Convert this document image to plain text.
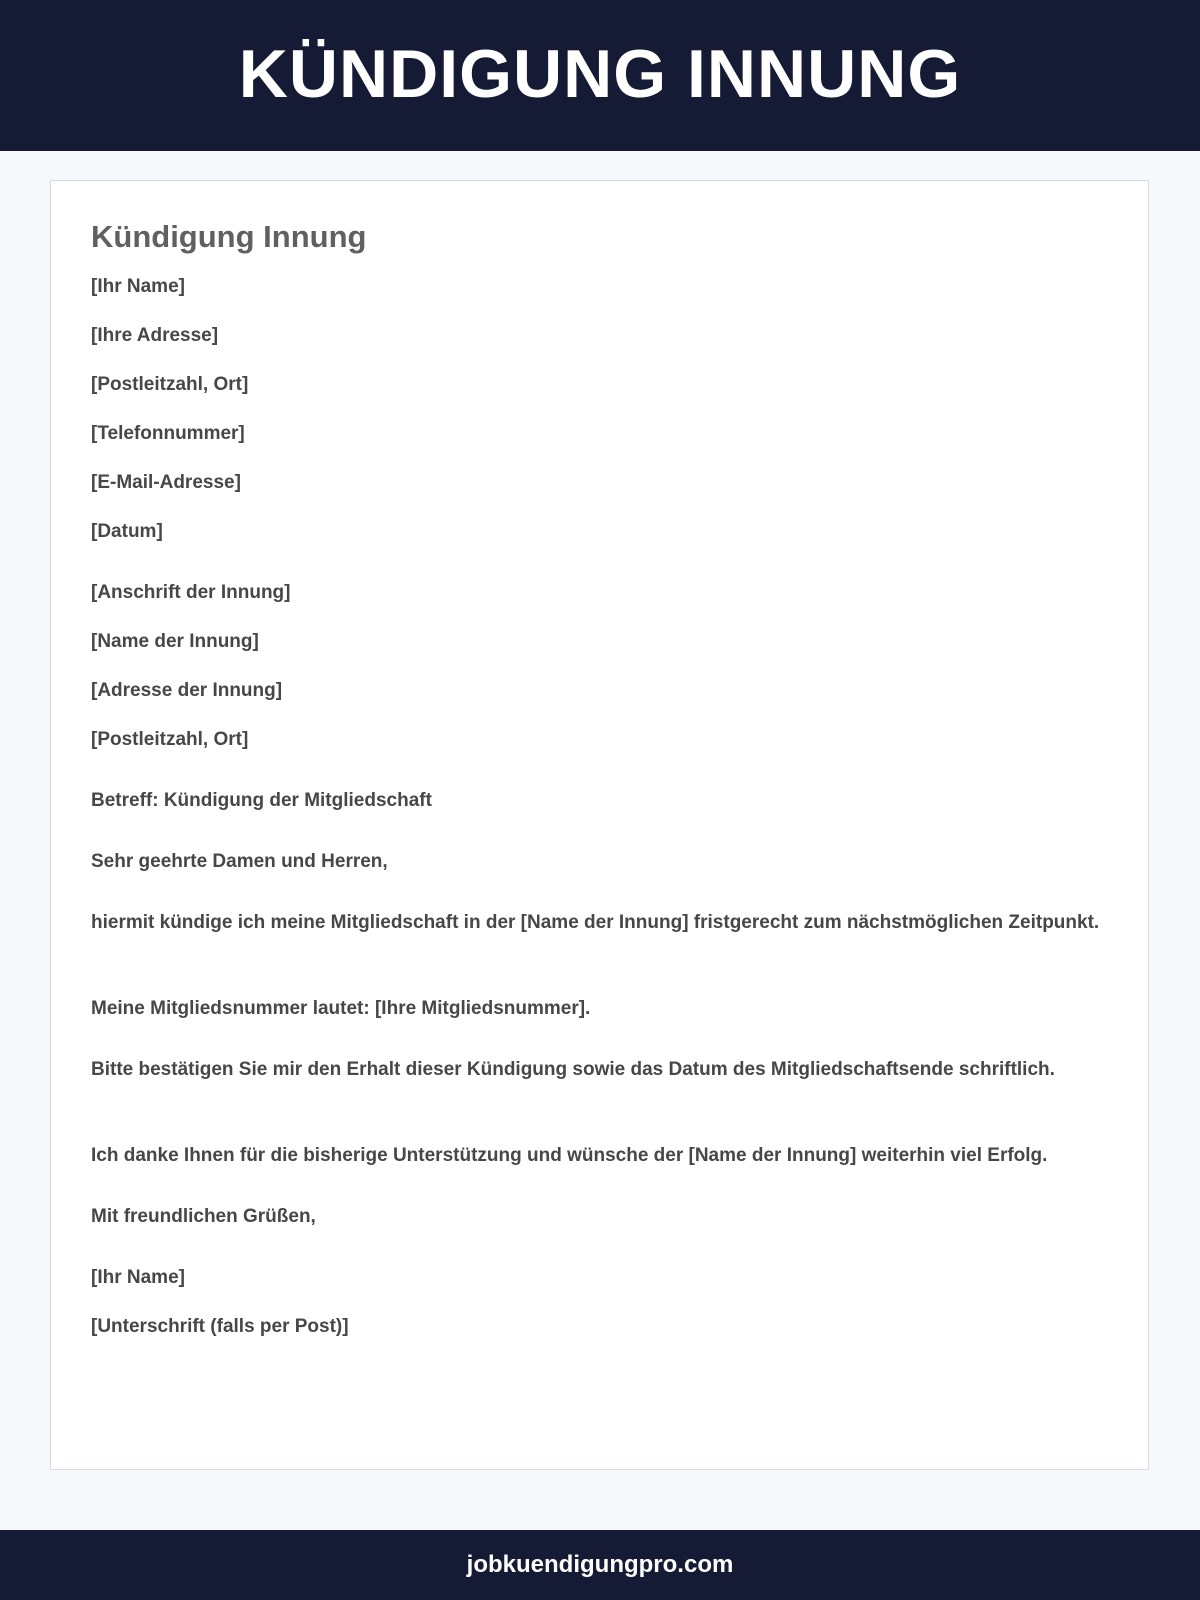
KÜNDIGUNG INNUNG
Kündigung Innung

[Ihr Name]

[Ihre Adresse]

[Postleitzahl, Ort]

[Telefonnummer]

[E-Mail-Adresse]

[Datum]

[Anschrift der Innung]

[Name der Innung]

[Adresse der Innung]

[Postleitzahl, Ort]

Betreff: Kündigung der Mitgliedschaft

Sehr geehrte Damen und Herren,

hiermit kündige ich meine Mitgliedschaft in der [Name der Innung] fristgerecht zum nächstmöglichen Zeitpunkt.

Meine Mitgliedsnummer lautet: [Ihre Mitgliedsnummer].

Bitte bestätigen Sie mir den Erhalt dieser Kündigung sowie das Datum des Mitgliedschaftsende schriftlich.

Ich danke Ihnen für die bisherige Unterstützung und wünsche der [Name der Innung] weiterhin viel Erfolg.

Mit freundlichen Grüßen,

[Ihr Name]

[Unterschrift (falls per Post)]

jobkuendigungpro.com
